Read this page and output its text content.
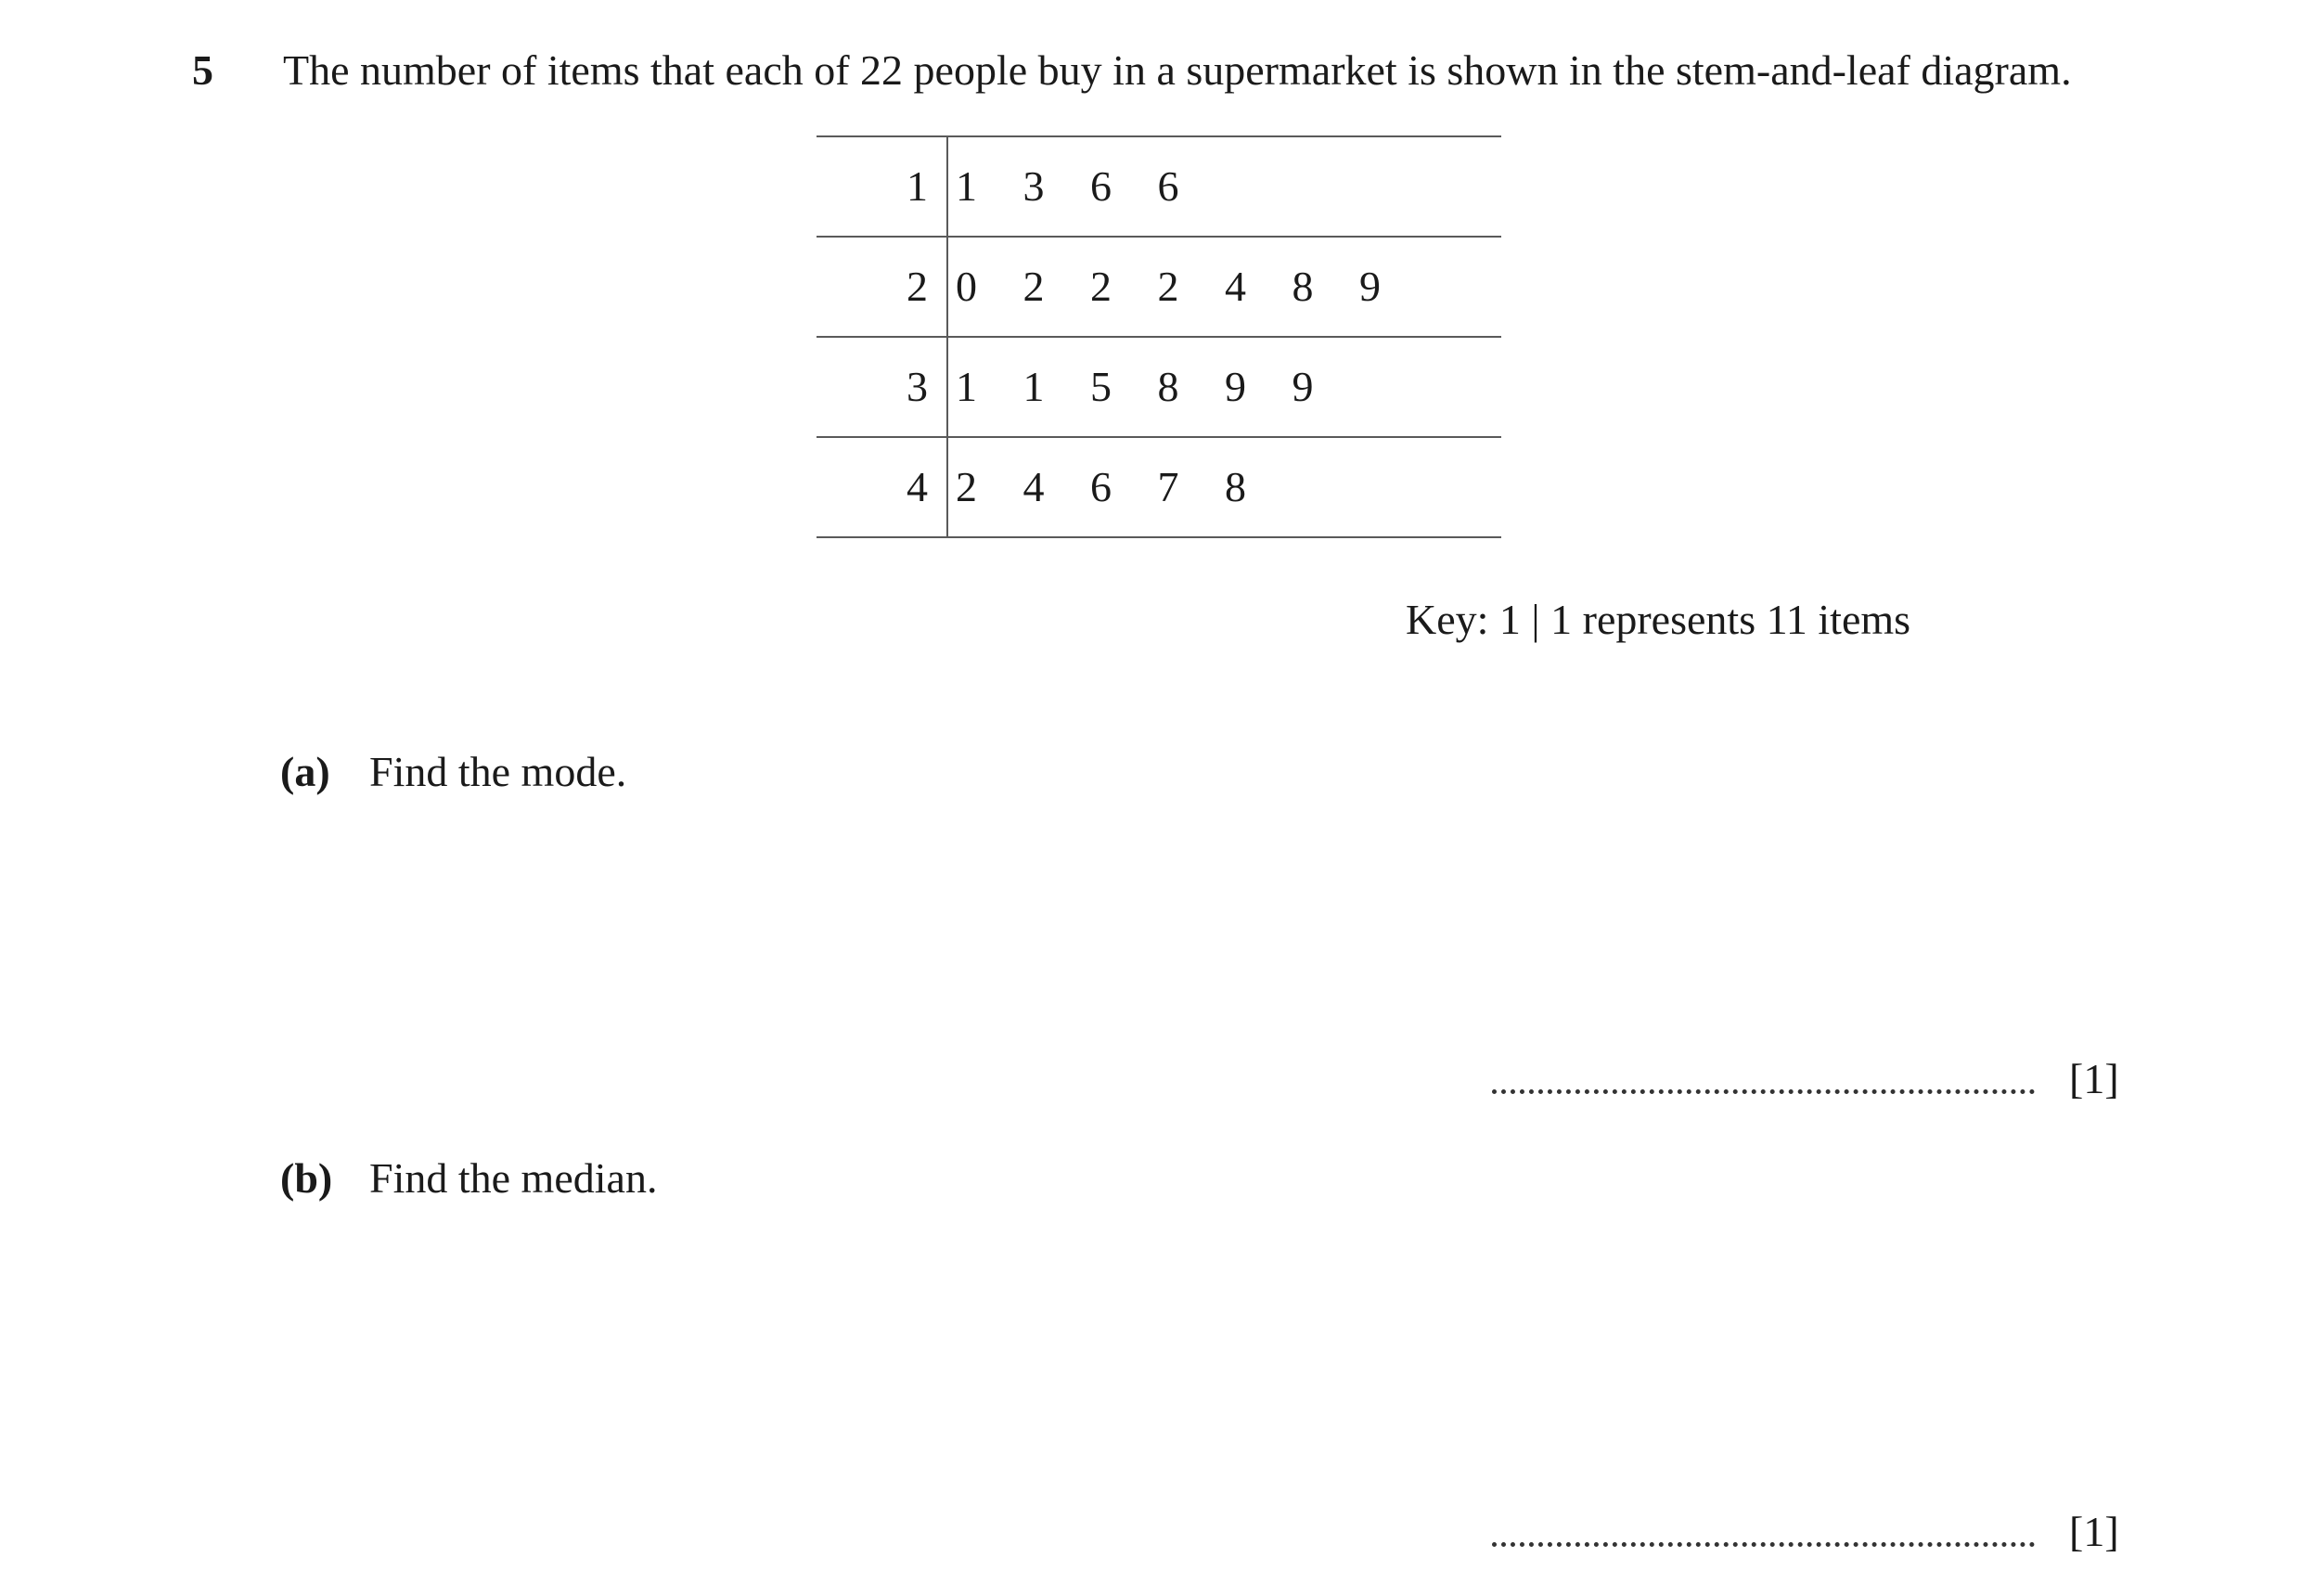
5 The number of items that each of 22 people buy in a supermarket is shown in the stem-and-leaf diagram.
1 1	3	6	6
2 0	2	2	2	4	8	9
3 1	1	5	8	9	9
4 2	4	6	7	8
Key: 1 | 1 represents 11 items
(a) Find the mode.
[1]
(b) Find the median.
[1]
